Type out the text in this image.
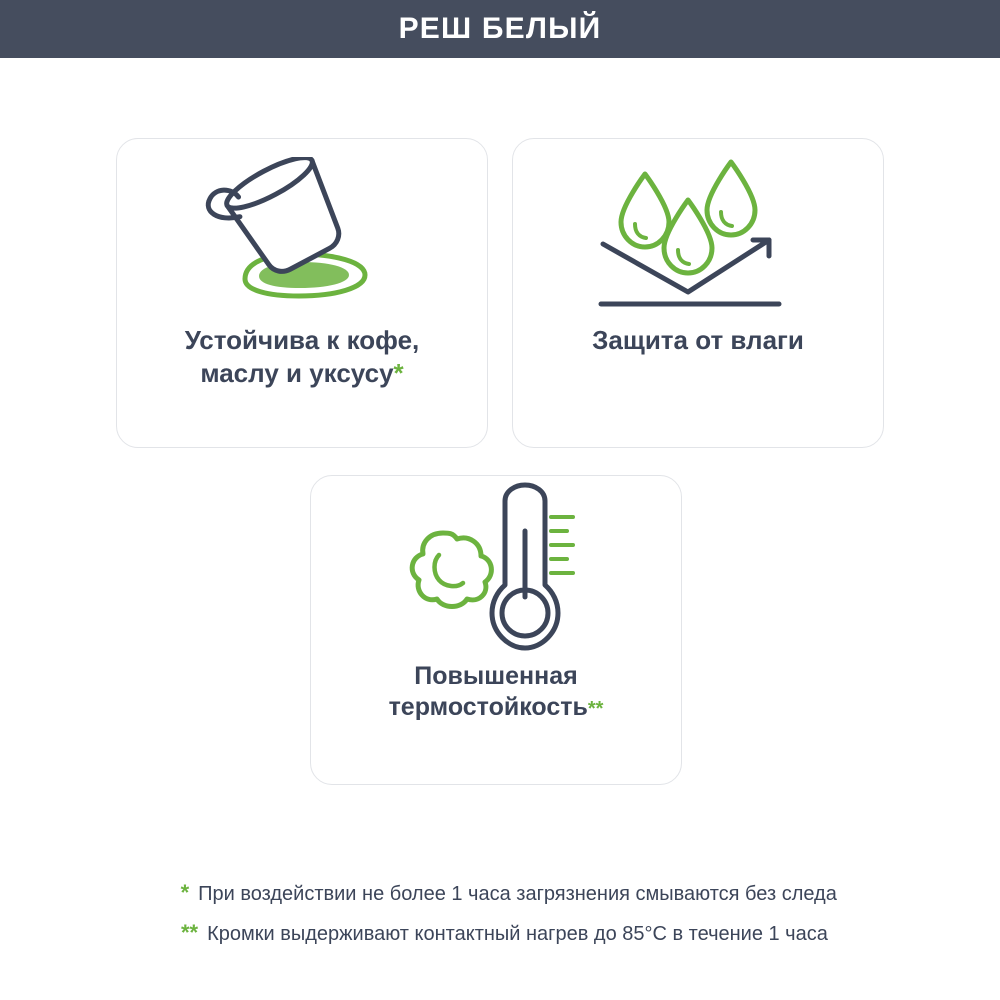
РЕШ БЕЛЫЙ
Устойчива к кофе,
маслу и уксусу*
Защита от влаги
Повышенная
термостойкость**
* При воздействии не более 1 часа загрязнения смываются без следа
** Кромки выдерживают контактный нагрев до 85°C в течение 1 часа
